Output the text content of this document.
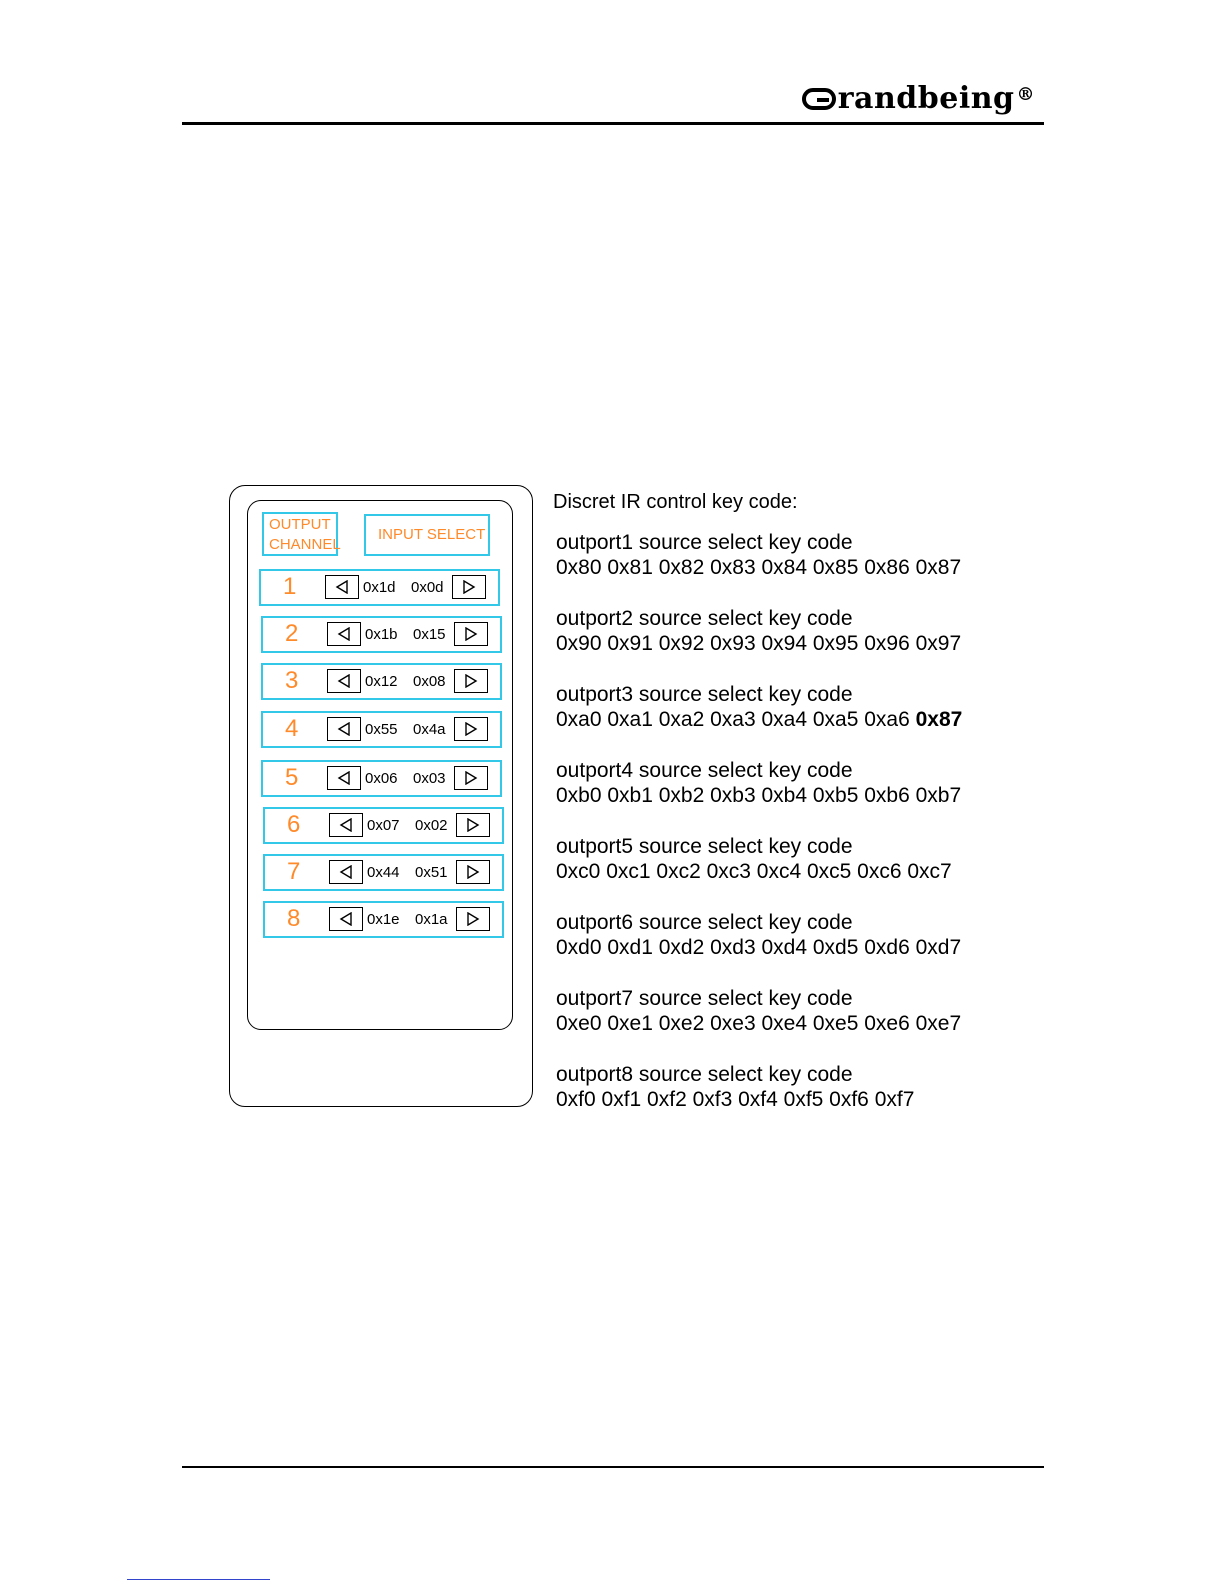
randbeing ®
OUTPUT
CHANNEL
INPUT SELECT
1	0x1d 0x0d
2	0x1b 0x15
3	0x12 0x08
4	0x55 0x4a
5	0x06 0x03
6	0x07 0x02
7	0x44 0x51
8	0x1e 0x1a
Discret IR control key code:
outport1 source select key code
0x80 0x81 0x82 0x83 0x84 0x85 0x86 0x87
outport2 source select key code
0x90 0x91 0x92 0x93 0x94 0x95 0x96 0x97
outport3 source select key code
0xa0 0xa1 0xa2 0xa3 0xa4 0xa5 0xa6 0x87
outport4 source select key code
0xb0 0xb1 0xb2 0xb3 0xb4 0xb5 0xb6 0xb7
outport5 source select key code
0xc0 0xc1 0xc2 0xc3 0xc4 0xc5 0xc6 0xc7
outport6 source select key code
0xd0 0xd1 0xd2 0xd3 0xd4 0xd5 0xd6 0xd7
outport7 source select key code
0xe0 0xe1 0xe2 0xe3 0xe4 0xe5 0xe6 0xe7
outport8 source select key code
0xf0 0xf1 0xf2 0xf3 0xf4 0xf5 0xf6 0xf7
